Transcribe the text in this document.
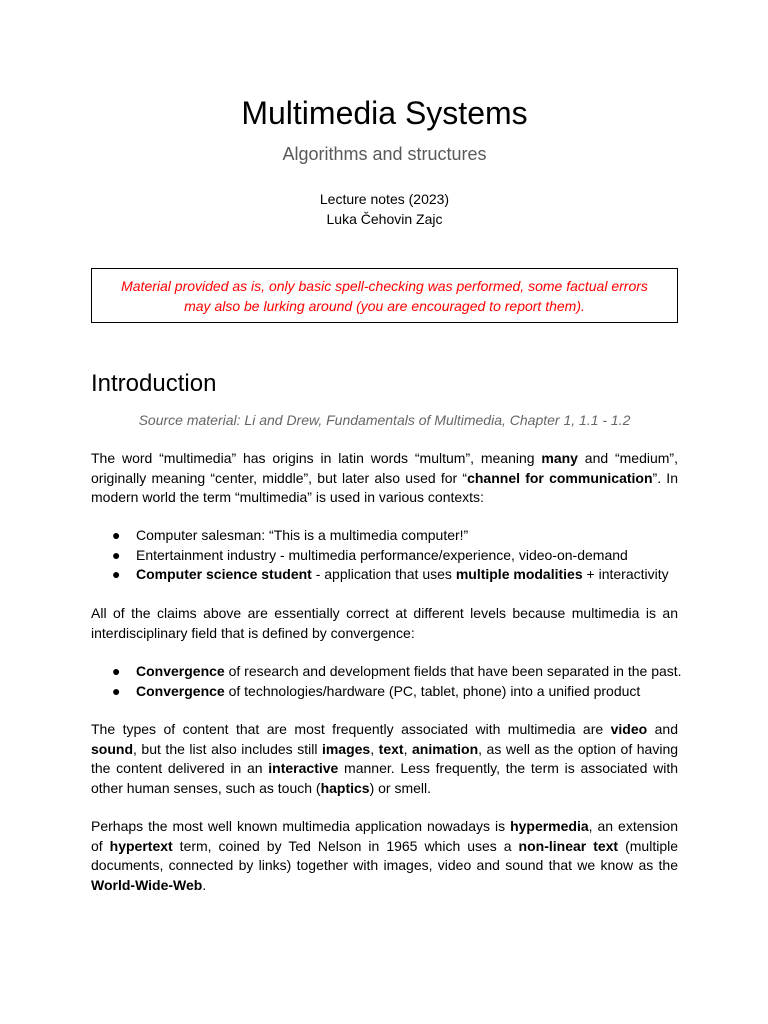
Multimedia Systems

Algorithms and structures

Lecture notes (2023)

Luka Čehovin Zajc

Material provided as is, only basic spell-checking was performed, some factual errors may also be lurking around (you are encouraged to report them).

Introduction

Source material: Li and Drew, Fundamentals of Multimedia, Chapter 1, 1.1 - 1.2

The word “multimedia” has origins in latin words “multum”, meaning many and “medium”, originally meaning “center, middle”, but later also used for “channel for communication”. In modern world the term “multimedia” is used in various contexts:

● Computer salesman: “This is a multimedia computer!”
● Entertainment industry - multimedia performance/experience, video-on-demand
● Computer science student - application that uses multiple modalities + interactivity

All of the claims above are essentially correct at different levels because multimedia is an interdisciplinary field that is defined by convergence:

● Convergence of research and development fields that have been separated in the past.
● Convergence of technologies/hardware (PC, tablet, phone) into a unified product

The types of content that are most frequently associated with multimedia are video and sound, but the list also includes still images, text, animation, as well as the option of having the content delivered in an interactive manner. Less frequently, the term is associated with other human senses, such as touch (haptics) or smell.

Perhaps the most well known multimedia application nowadays is hypermedia, an extension of hypertext term, coined by Ted Nelson in 1965 which uses a non-linear text (multiple documents, connected by links) together with images, video and sound that we know as the World-Wide-Web.
